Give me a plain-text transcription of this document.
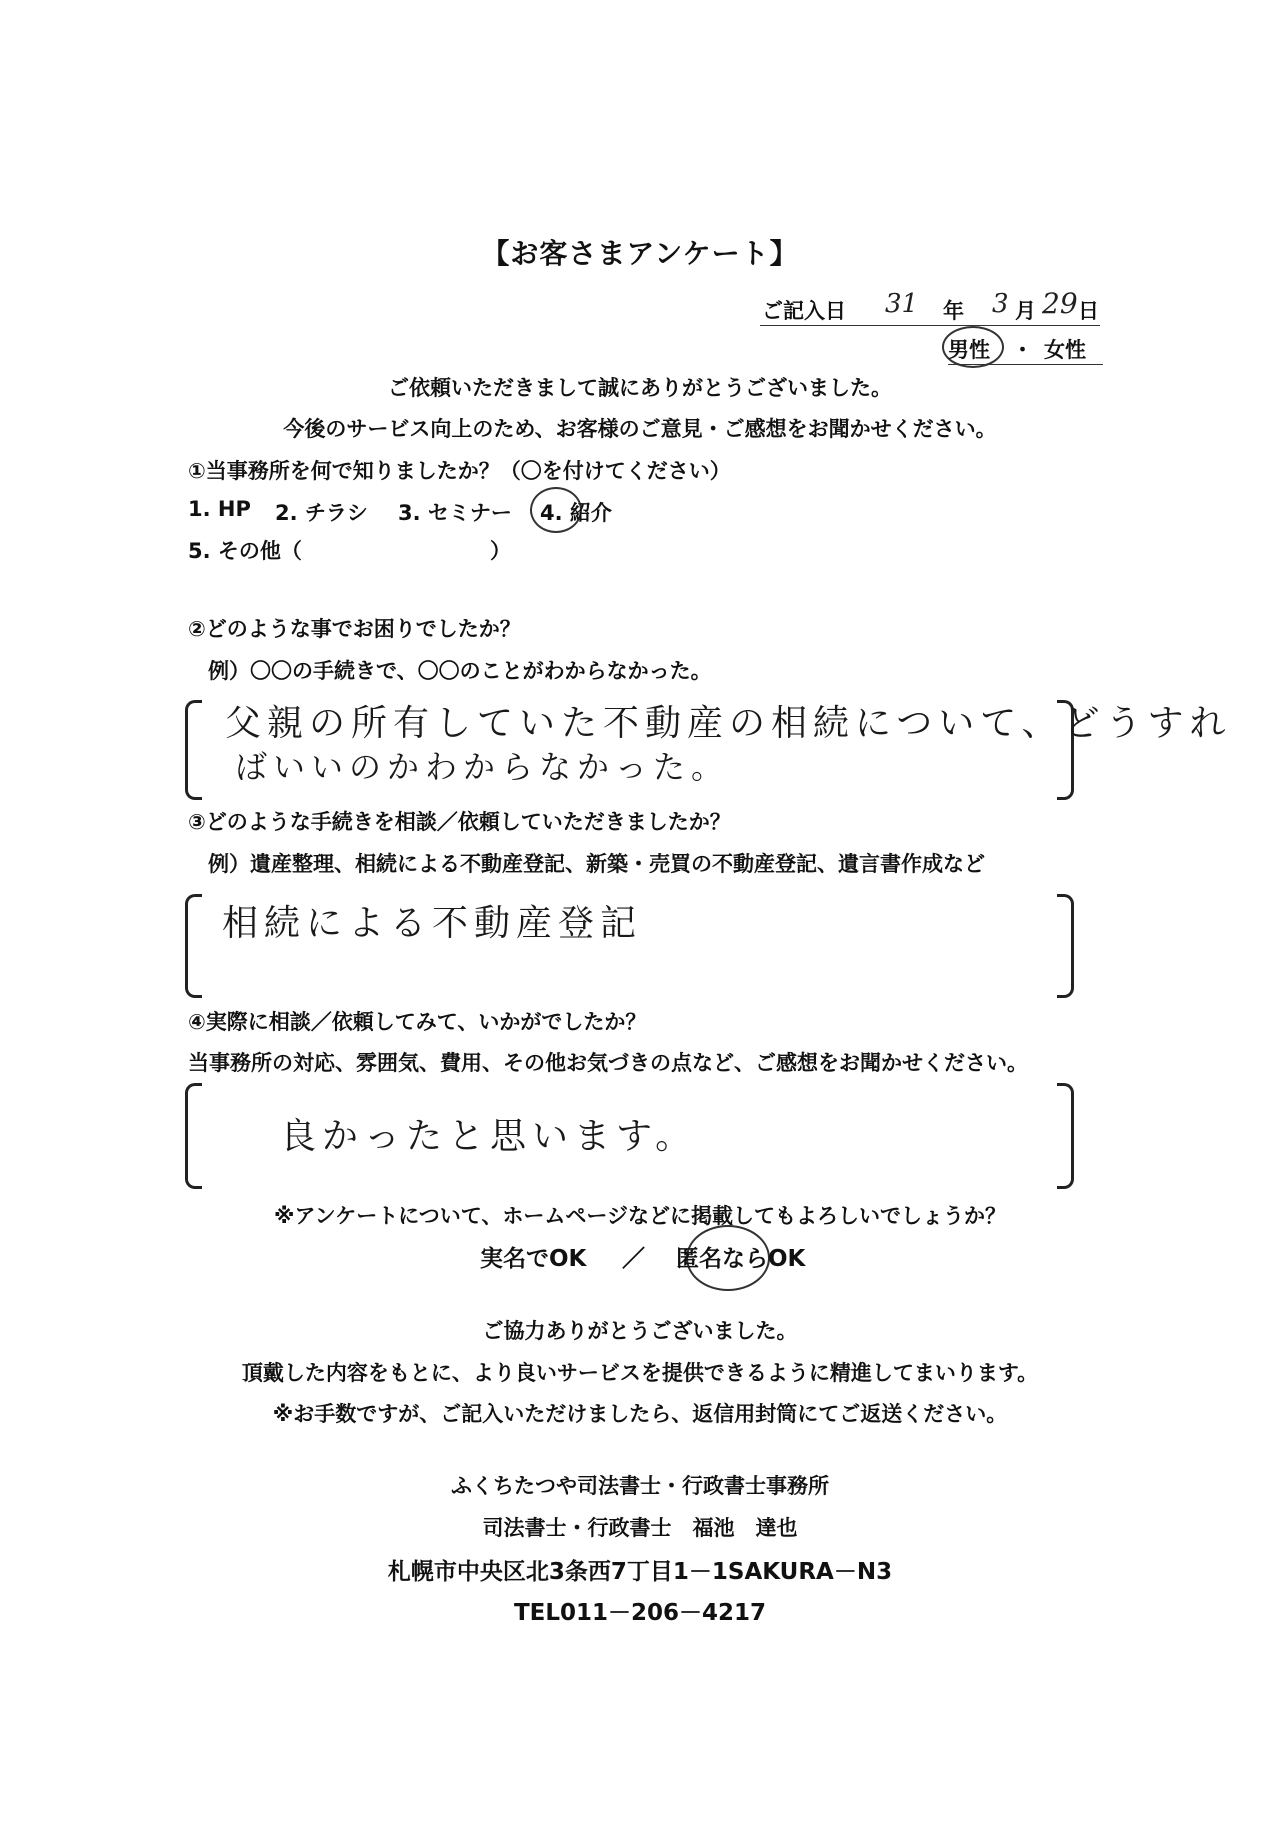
【お客さまアンケート】
ご記入日 31 年 3 月 29 日
男性 ・ 女性
ご依頼いただきまして誠にありがとうございました。
今後のサービス向上のため、お客様のご意見・ご感想をお聞かせください。
①当事務所を何で知りましたか？（〇を付けてください）
1. HP 2. チラシ 3. セミナー 4. 紹介
5. その他（	）
②どのような事でお困りでしたか？
例）〇〇の手続きで、〇〇のことがわからなかった。
父親の所有していた不動産の相続について、どうすれ
ばいいのかわからなかった。
③どのような手続きを相談／依頼していただきましたか？
例）遺産整理、相続による不動産登記、新築・売買の不動産登記、遺言書作成など
相続による不動産登記
④実際に相談／依頼してみて、いかがでしたか？
当事務所の対応、雰囲気、費用、その他お気づきの点など、ご感想をお聞かせください。
良かったと思います。
※アンケートについて、ホームページなどに掲載してもよろしいでしょうか？
実名でOK ／ 匿名ならOK
ご協力ありがとうございました。
頂戴した内容をもとに、より良いサービスを提供できるように精進してまいります。
※お手数ですが、ご記入いただけましたら、返信用封筒にてご返送ください。
ふくちたつや司法書士・行政書士事務所
司法書士・行政書士　福池　達也
札幌市中央区北3条西7丁目1－1SAKURA－N3
TEL011－206－4217
